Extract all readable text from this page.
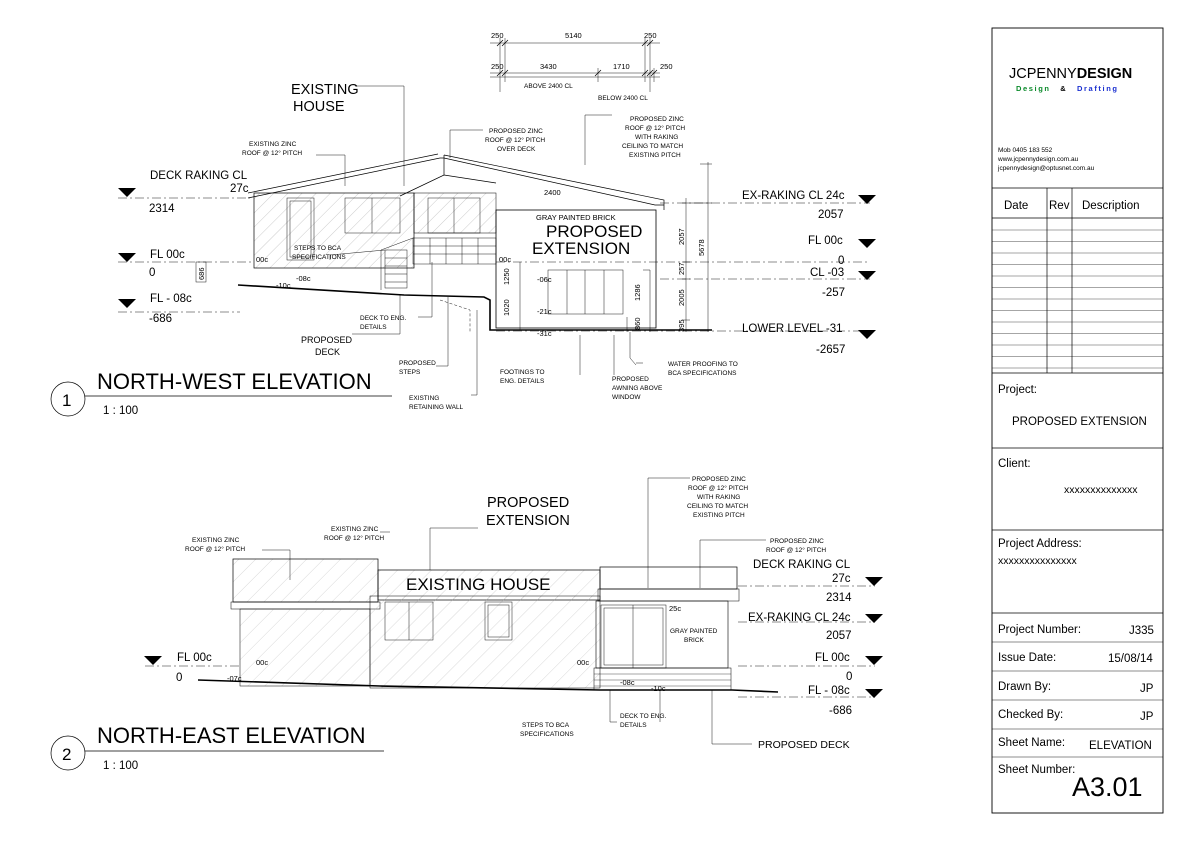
250	5140	250
250	3430	1710	250
ABOVE 2400 CL
BELOW 2400 CL
DECK RAKING CL
27c
2314
FL 00c
0
FL - 08c
-686
EX-RAKING CL 24c
2057
FL 00c
0
CL -03
-257
LOWER LEVEL -31
-2657
2057
257
2005
395
5678
1286
860
1250
1020
686
2400
00c
-10c
-08c
00c
-06c
-21c
-31c
EXISTING HOUSE
EXISTING ZINC ROOF @ 12° PITCH
PROPOSED ZINC ROOF @ 12° PITCH OVER DECK
PROPOSED ZINC ROOF @ 12° PITCH WITH RAKING CEILING TO MATCH EXISTING PITCH
GRAY PAINTED BRICK
PROPOSED EXTENSION
STEPS TO BCA SPECIFICATIONS
DECK TO ENG. DETAILS
PROPOSED DECK
PROPOSED STEPS
EXISTING RETAINING WALL
FOOTINGS TO ENG. DETAILS	PROPOSED AWNING ABOVE WINDOW
WATER PROOFING TO BCA SPECIFICATIONS
1
NORTH-WEST ELEVATION
1 : 100
FL 00c
0
DECK RAKING CL
27c
2314
EX-RAKING CL 24c
2057
FL 00c
0
FL - 08c
-686
00c
-07c
00c
25c
-08c
-10c
PROPOSED EXTENSION
EXISTING ZINC ROOF @ 12° PITCH
EXISTING ZINC ROOF @ 12° PITCH
PROPOSED ZINC ROOF @ 12° PITCH WITH RAKING CEILING TO MATCH EXISTING PITCH
PROPOSED ZINC ROOF @ 12° PITCH
EXISTING HOUSE
GRAY PAINTED BRICK
STEPS TO BCA SPECIFICATIONS
DECK TO ENG. DETAILS
PROPOSED DECK
2
NORTH-EAST ELEVATION
1 : 100
JCPENNYDESIGN
Design & Drafting
Mob 0405 183 552 www.jcpennydesign.com.au jcpennydesign@optusnet.com.au
Date Rev Description
Project:
PROPOSED EXTENSION
Client:
xxxxxxxxxxxxxx
Project Address:
xxxxxxxxxxxxxxx
Project Number:	J335
Issue Date:	15/08/14
Drawn By:	JP
Checked By:	JP
Sheet Name: ELEVATION
Sheet Number:
A3.01
